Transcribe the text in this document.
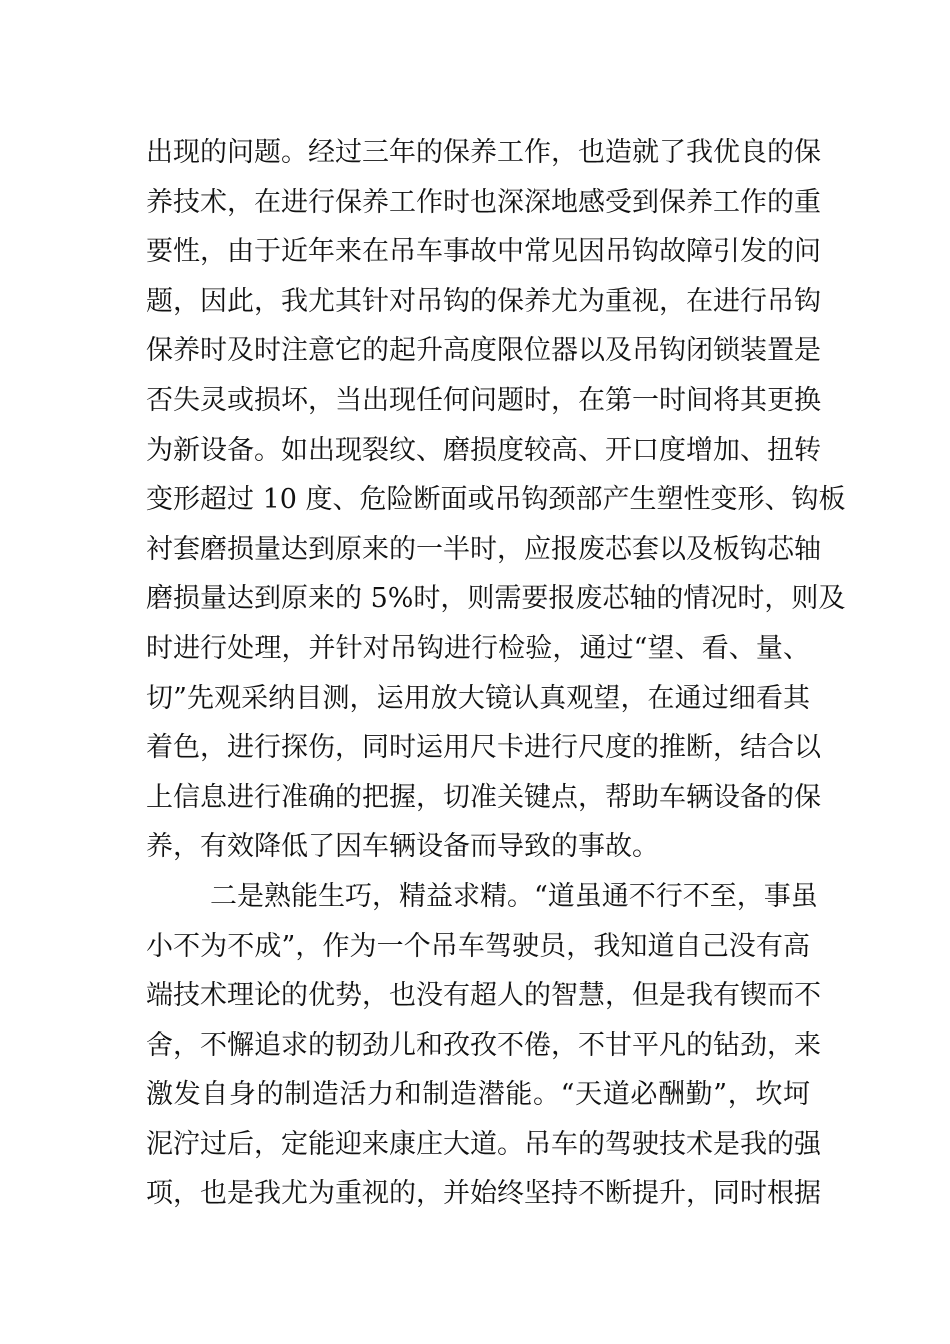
出现的问题。经过三年的保养工作，也造就了我优良的保
养技术，在进行保养工作时也深深地感受到保养工作的重
要性，由于近年来在吊车事故中常见因吊钩故障引发的问
题，因此，我尤其针对吊钩的保养尤为重视，在进行吊钩
保养时及时注意它的起升高度限位器以及吊钩闭锁装置是
否失灵或损坏，当出现任何问题时，在第一时间将其更换
为新设备。如出现裂纹、磨损度较高、开口度增加、扭转
变形超过 10 度、危险断面或吊钩颈部产生塑性变形、钩板
衬套磨损量达到原来的一半时，应报废芯套以及板钩芯轴
磨损量达到原来的 5%时，则需要报废芯轴的情况时，则及
时进行处理，并针对吊钩进行检验，通过“望、看、量、
切”先观采纳目测，运用放大镜认真观望，在通过细看其
着色，进行探伤，同时运用尺卡进行尺度的推断，结合以
上信息进行准确的把握，切准关键点，帮助车辆设备的保
养，有效降低了因车辆设备而导致的事故。
二是熟能生巧，精益求精。“道虽通不行不至，事虽
小不为不成”，作为一个吊车驾驶员，我知道自己没有高
端技术理论的优势，也没有超人的智慧，但是我有锲而不
舍，不懈追求的韧劲儿和孜孜不倦，不甘平凡的钻劲，来
激发自身的制造活力和制造潜能。“天道必酬勤”，坎坷
泥泞过后，定能迎来康庄大道。吊车的驾驶技术是我的强
项，也是我尤为重视的，并始终坚持不断提升，同时根据
